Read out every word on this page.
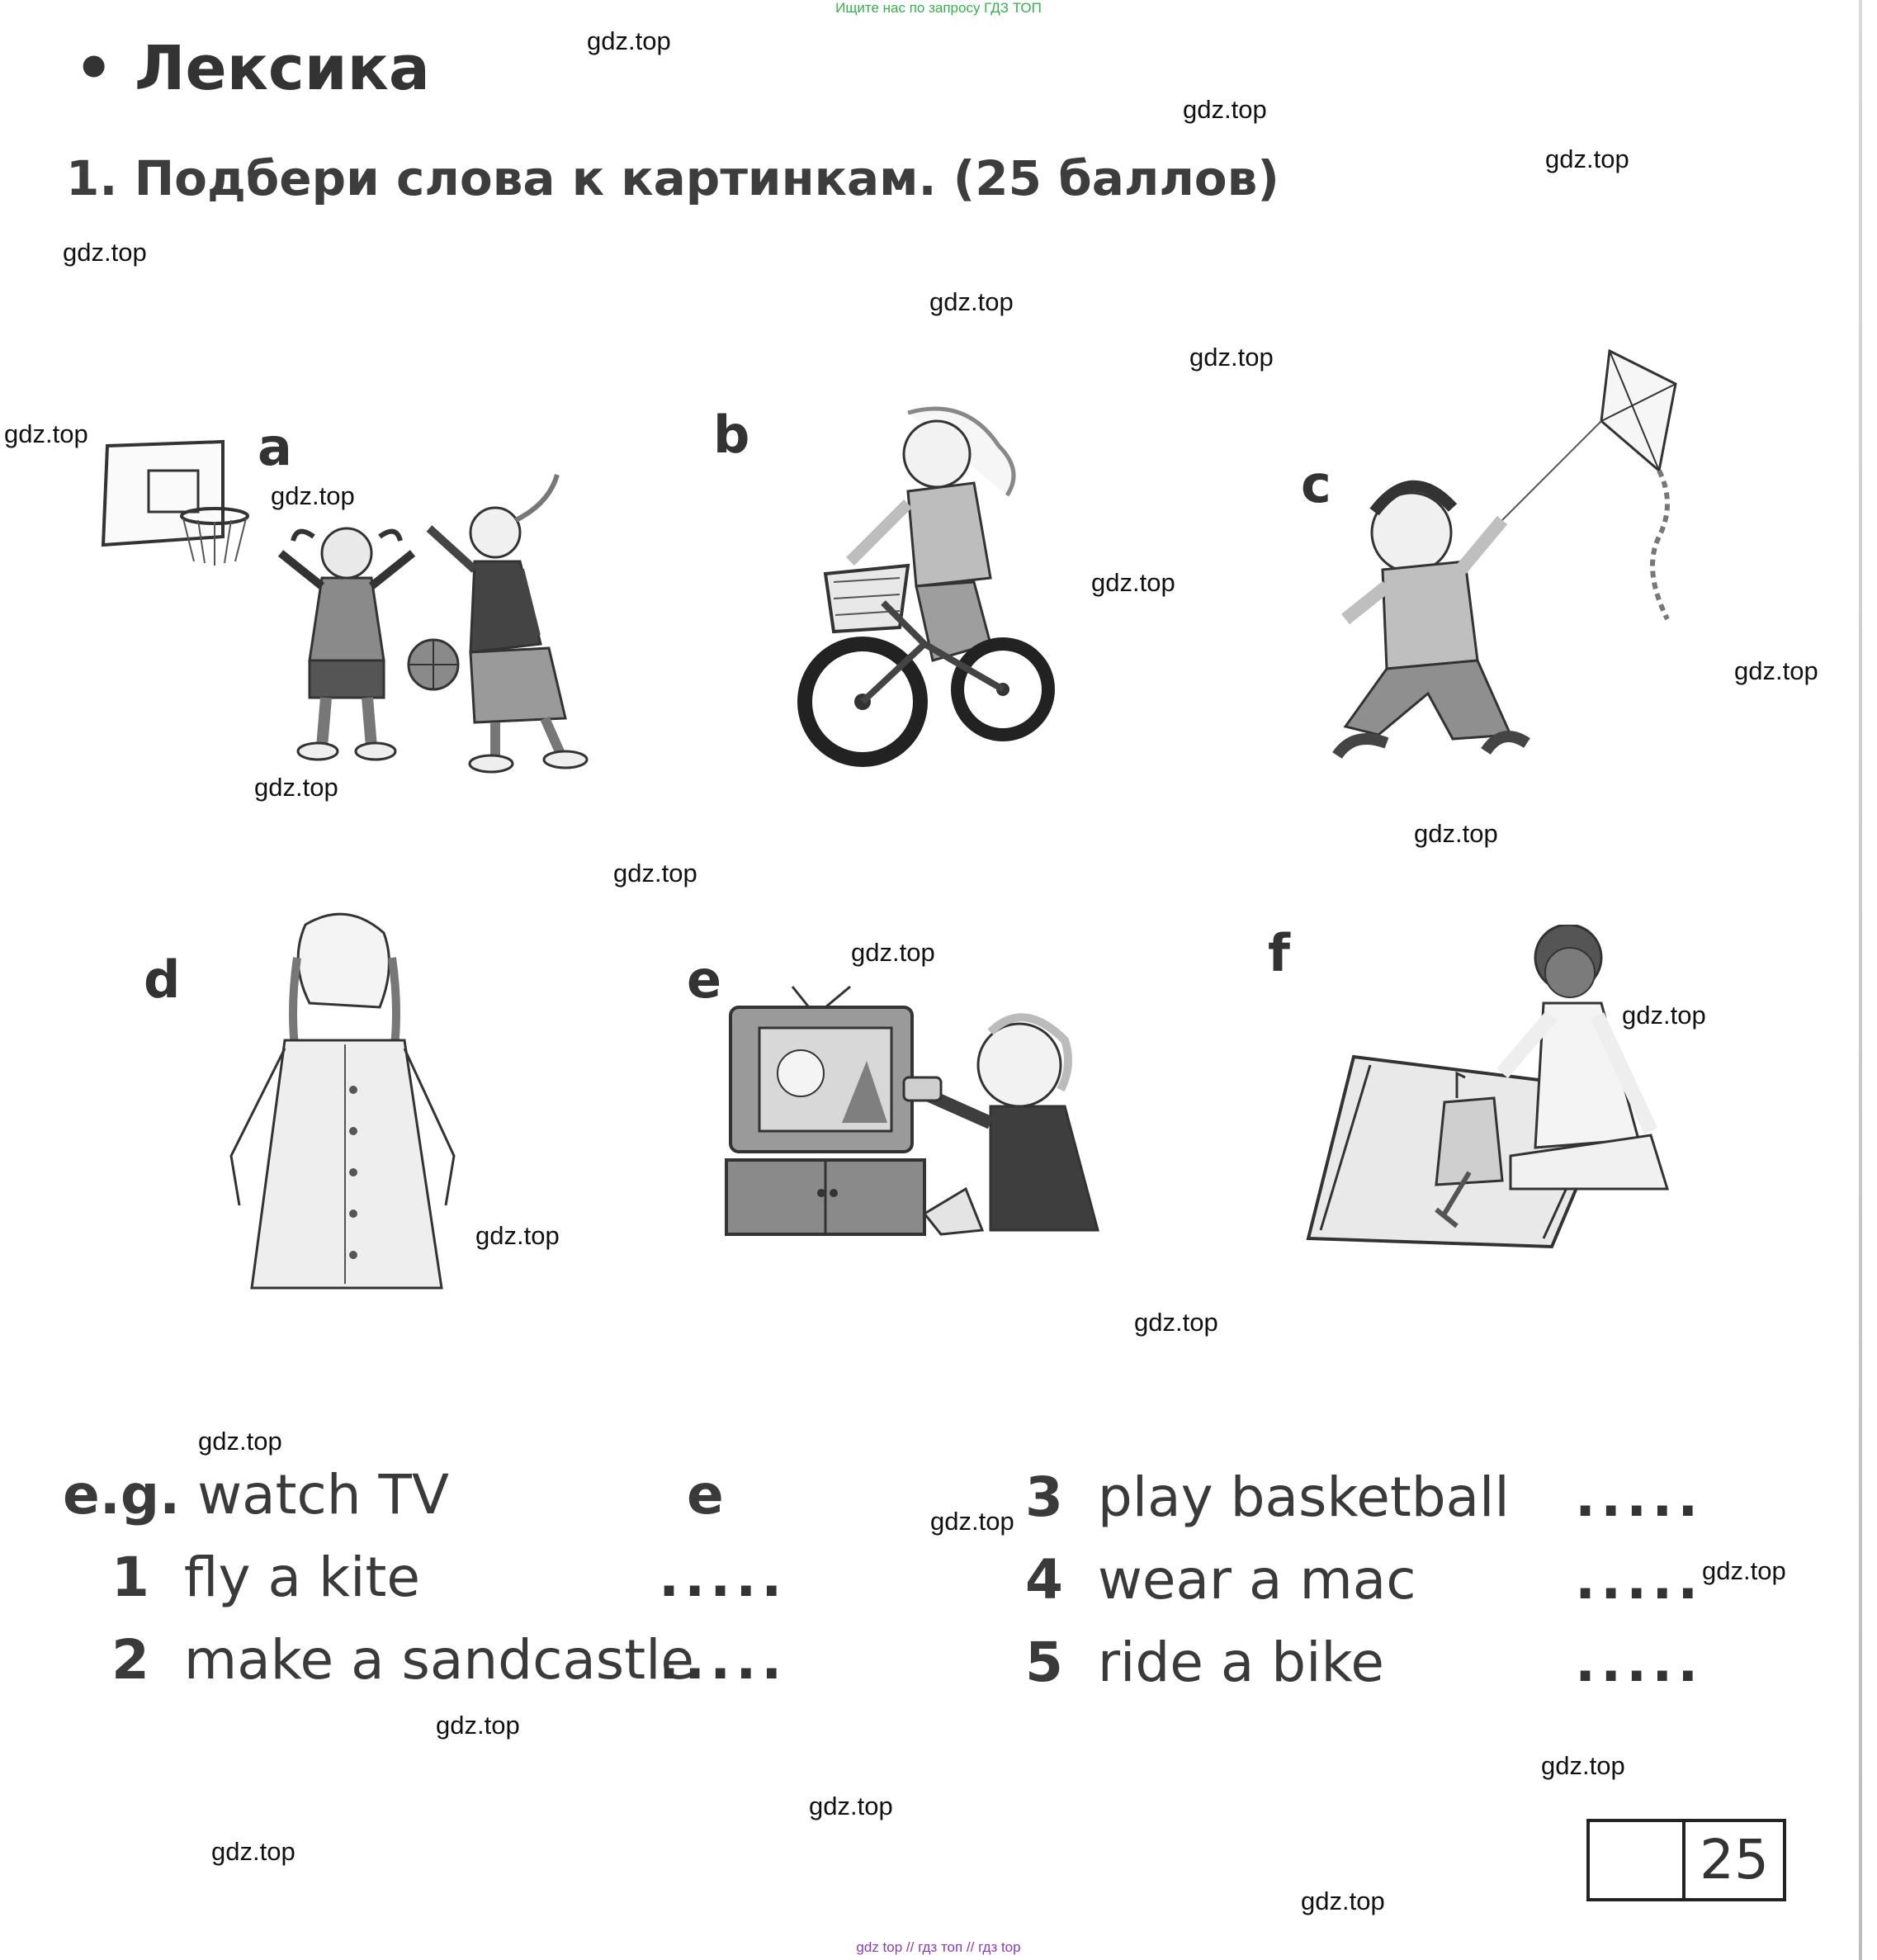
Ищите нас по запросу ГДЗ ТОП
• Лексика
1. Подбери слова к картинкам. (25 баллов)
a	b
c
d	e	f
e.g. watch TV	e
1 fly a kite	.....
2 make a sandcastle
.....
3 play basketball .....
4 wear a mac	.....
5 ride a bike	.....
25
gdz.top
gdz.top
gdz.top
gdz.top
gdz.top
gdz.top
gdz.top
gdz.top
gdz.top
gdz.top
gdz.top
gdz.top
gdz.top
gdz.top
gdz.top
gdz.top
gdz.top
gdz.top
gdz.top
gdz.top
gdz.top
gdz.top
gdz.top
gdz.top
gdz.top
gdz top // гдз топ // гдз top
